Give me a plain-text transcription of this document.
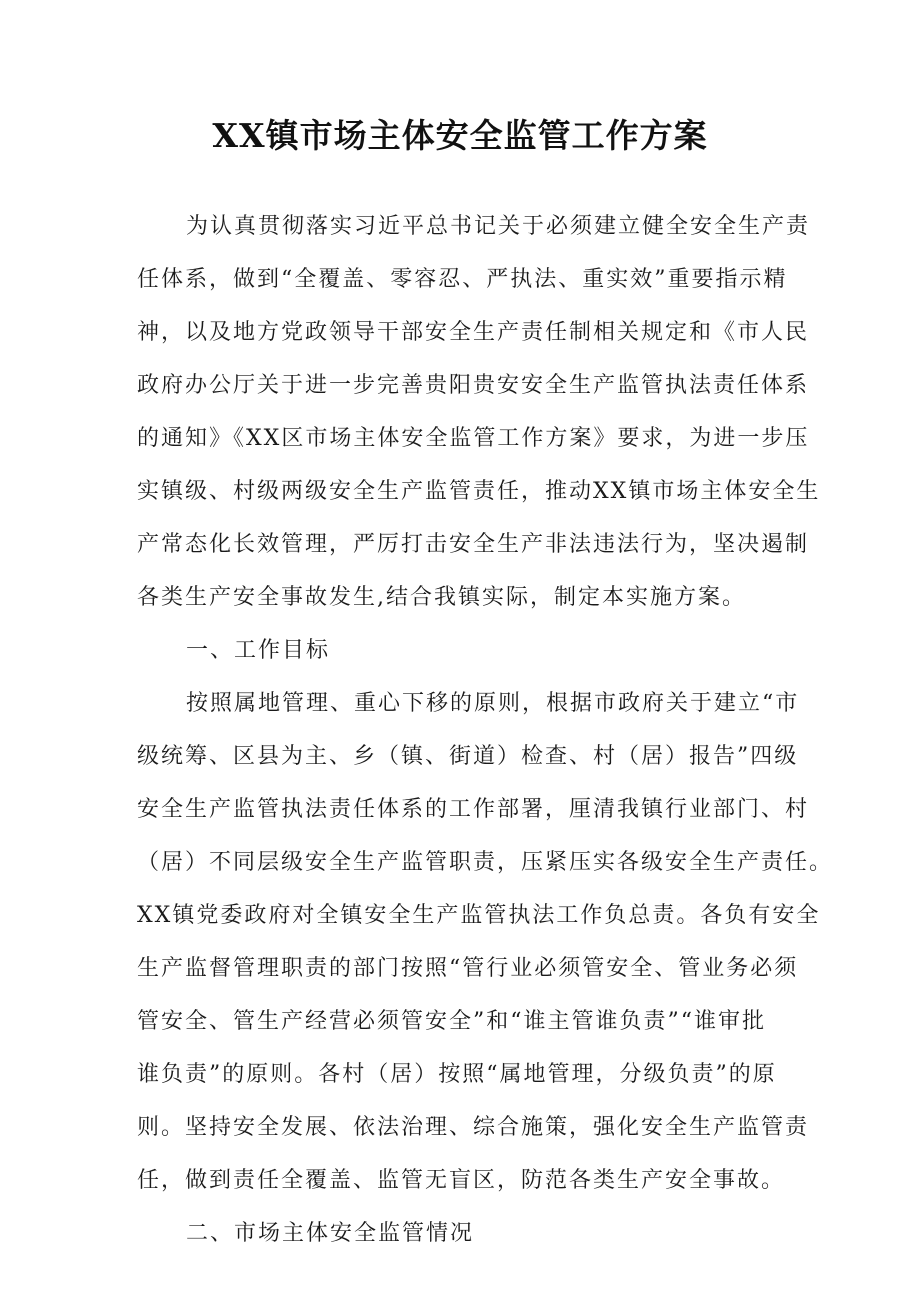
XX镇市场主体安全监管工作方案
为认真贯彻落实习近平总书记关于必须建立健全安全生产责
任体系，做到“全覆盖、零容忍、严执法、重实效”重要指示精
神，以及地方党政领导干部安全生产责任制相关规定和《市人民
政府办公厅关于进一步完善贵阳贵安安全生产监管执法责任体系
的通知》《XX区市场主体安全监管工作方案》要求，为进一步压
实镇级、村级两级安全生产监管责任，推动XX镇市场主体安全生
产常态化长效管理，严厉打击安全生产非法违法行为，坚决遏制
各类生产安全事故发生,结合我镇实际，制定本实施方案。
一、工作目标
按照属地管理、重心下移的原则，根据市政府关于建立“市
级统筹、区县为主、乡（镇、街道）检查、村（居）报告”四级
安全生产监管执法责任体系的工作部署，厘清我镇行业部门、村
（居）不同层级安全生产监管职责，压紧压实各级安全生产责任。
XX镇党委政府对全镇安全生产监管执法工作负总责。各负有安全
生产监督管理职责的部门按照“管行业必须管安全、管业务必须
管安全、管生产经营必须管安全”和“谁主管谁负责”“谁审批
谁负责”的原则。各村（居）按照“属地管理，分级负责”的原
则。坚持安全发展、依法治理、综合施策，强化安全生产监管责
任，做到责任全覆盖、监管无盲区，防范各类生产安全事故。
二、市场主体安全监管情况
